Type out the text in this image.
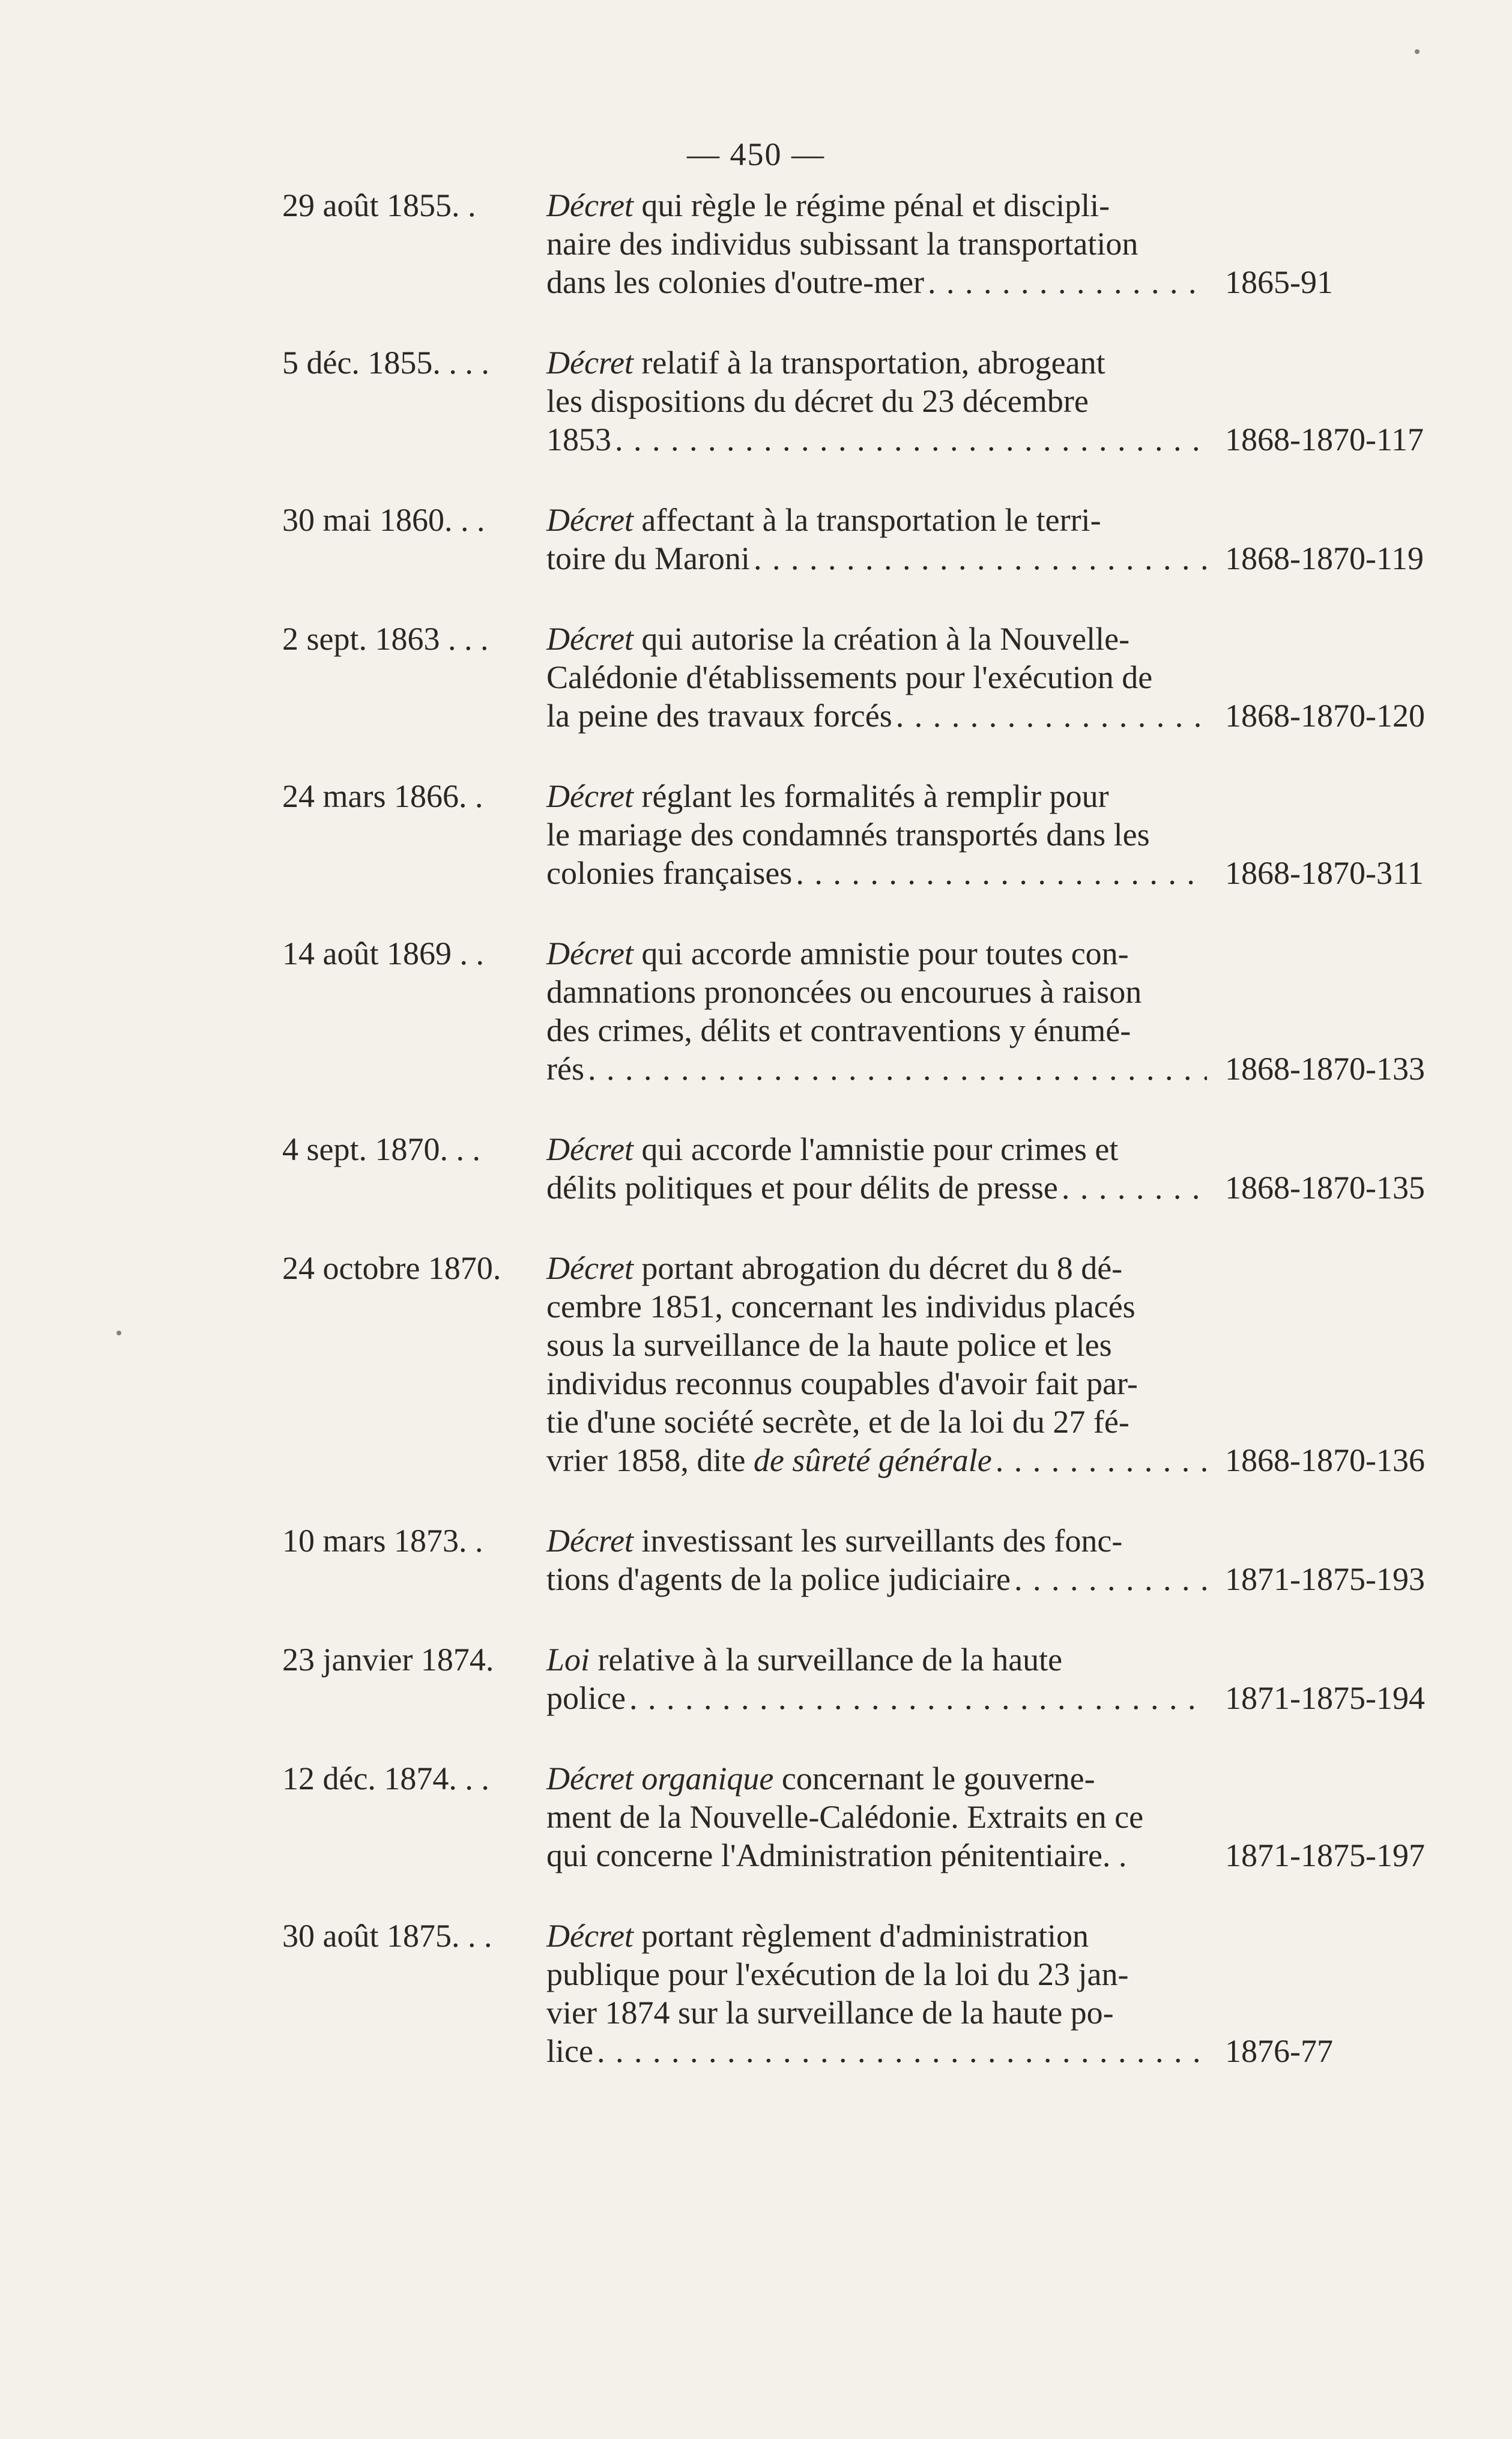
— 450 —
29 août 1855. .	Décret qui règle le régime pénal et discipli-
naire des individus subissant la transportation
dans les colonies d'outre-mer . . .	1865-91
5 déc. 1855. . . .	Décret relatif à la transportation, abrogeant
les dispositions du décret du 23 décembre
1853 . . .	1868-1870-117
30 mai 1860. . .	Décret affectant à la transportation le terri-
toire du Maroni . . .	1868-1870-119
2 sept. 1863 . . .	Décret qui autorise la création à la Nouvelle-
Calédonie d'établissements pour l'exécution de
la peine des travaux forcés . . .	1868-1870-120
24 mars 1866. .	Décret réglant les formalités à remplir pour
le mariage des condamnés transportés dans les
colonies françaises . . .	1868-1870-311
14 août 1869 . .	Décret qui accorde amnistie pour toutes con-
damnations prononcées ou encourues à raison
des crimes, délits et contraventions y énumé-
rés . . .	1868-1870-133
4 sept. 1870. . .	Décret qui accorde l'amnistie pour crimes et
délits politiques et pour délits de presse . . .	1868-1870-135
24 octobre 1870.	Décret portant abrogation du décret du 8 dé-
cembre 1851, concernant les individus placés
sous la surveillance de la haute police et les
individus reconnus coupables d'avoir fait par-
tie d'une société secrète, et de la loi du 27 fé-
vrier 1858, dite de sûreté générale . . .	1868-1870-136
10 mars 1873. .	Décret investissant les surveillants des fonc-
tions d'agents de la police judiciaire . . .	1871-1875-193
23 janvier 1874.	Loi relative à la surveillance de la haute
police . . .	1871-1875-194
12 déc. 1874. . .	Décret organique concernant le gouverne-
ment de la Nouvelle-Calédonie. Extraits en ce
qui concerne l'Administration pénitentiaire. .	1871-1875-197
30 août 1875. . .	Décret portant règlement d'administration
publique pour l'exécution de la loi du 23 jan-
vier 1874 sur la surveillance de la haute po-
lice . . .	1876-77
